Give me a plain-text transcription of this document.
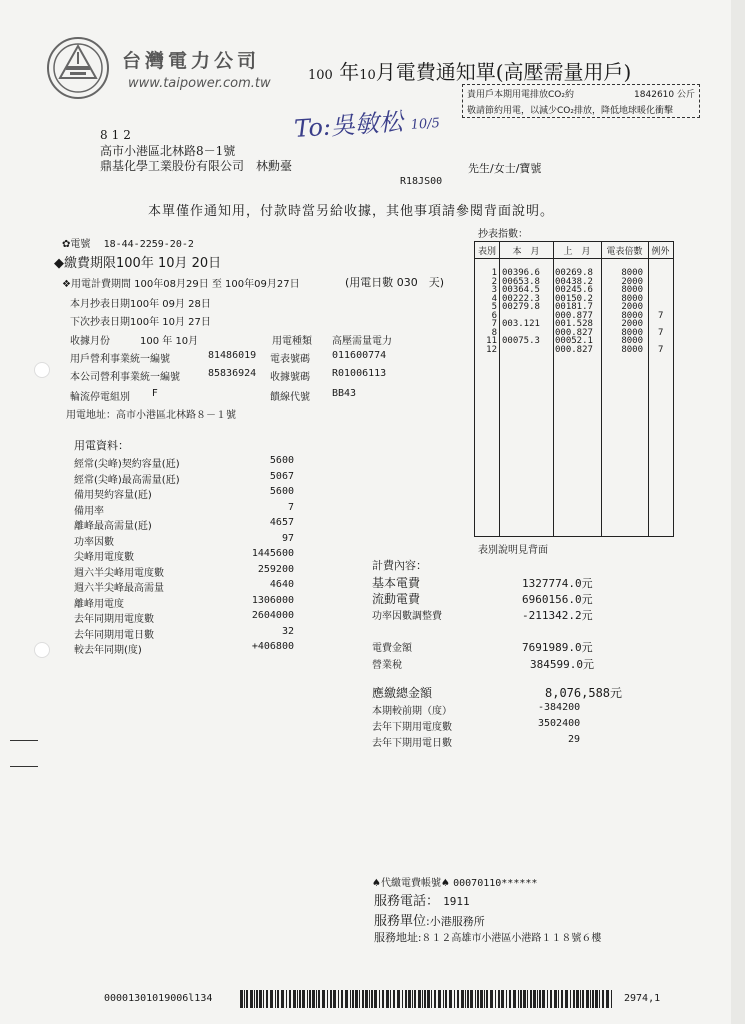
台灣電力公司
www.taipower.com.tw
100 年10月電費通知單(高壓需量用戶)
貴用戶本期用電排放CO₂約	1842610 公斤
敬請節約用電，以減少CO₂排放，降低地球暖化衝擊
To:吳敏松 10/5
812
高市小港區北林路8－1號
鼎基化學工業股份有限公司　林勳臺	先生/女士/寶號
R18JS00
本單僅作通知用，付款時當另給收據，其他事項請參閱背面說明。
✿電號 18-44-2259-20-2
◆繳費期限100年 10月 20日
❖用電計費期間 100年08月29日 至 100年09月27日	(用電日數 030　天)
本月抄表日期100年 09月 28日
下次抄表日期100年 10月 27日
收據月份	100 年 10月	用電種類 高壓需量電力
用戶營利事業統一編號	81486019 電表號碼 011600774
本公司營利事業統一編號	85836924 收據號碼 R01006113
輪流停電組別 F	饋線代號 BB43
用電地址：高市小港區北林路８－１號
用電資料：
經常(尖峰)契約容量(瓩)	5600
經常(尖峰)最高需量(瓩)	5067
備用契約容量(瓩)	5600
備用率	7
離峰最高需量(瓩)	4657
功率因數	97
尖峰用電度數	1445600
週六半尖峰用電度數	259200
週六半尖峰最高需量	4640
離峰用電度	1306000
去年同期用電度數	2604000
去年同期用電日數	32
較去年同期(度)	+406800
抄表指數：
表別	本　月	上　月	電表倍數 例外
1 00396.6 00269.8	8000
2 00653.8 00438.2	2000
3 00364.5 00245.6	8000
4 00222.3 00150.2	8000
5 00279.8 00181.7	2000
6	000.877	8000 7
7 003.121 001.528	2000
8	000.827	8000 7
11 00075.3 00052.1	8000
12	000.827	8000 7
表別說明見背面
計費內容：
基本電費	1327774.0元
流動電費	6960156.0元
功率因數調整費	-211342.2元
電費金額	7691989.0元
營業稅	384599.0元
應繳總金額	8,076,588元
本期較前期（度）	-384200
去年下期用電度數	3502400
去年下期用電日數	29
♠代繳電費帳號♠ 00070110******
服務電話： 1911
服務單位:小港服務所
服務地址:８１２高雄市小港區小港路１１８號６樓
00001301019006l134	2974,1
